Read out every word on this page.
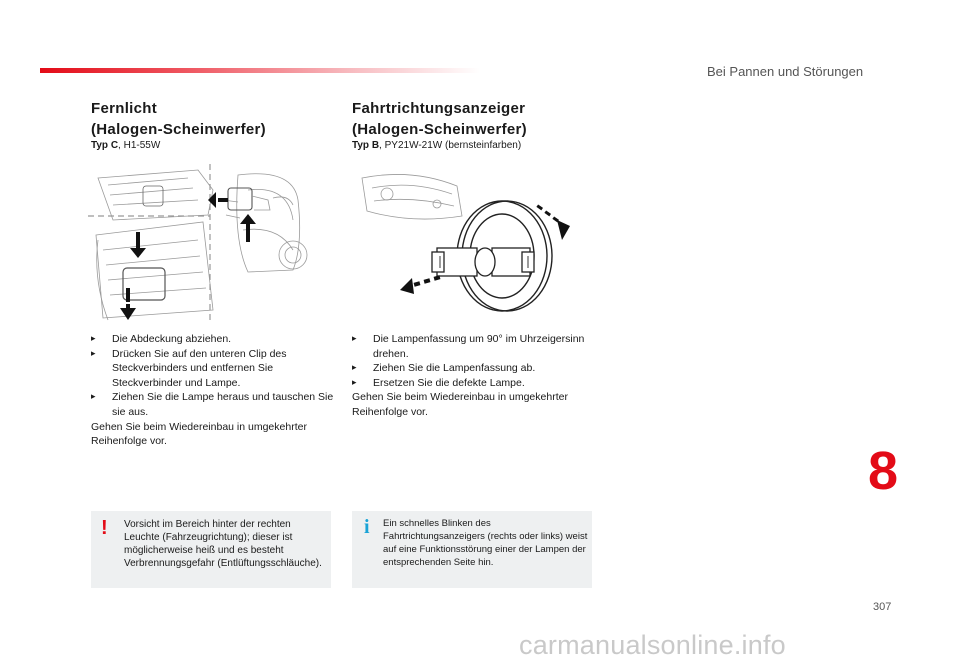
Bei Pannen und Störungen
8
307
Fernlicht
(Halogen-Scheinwerfer)
Typ C, H1-55W
▸ Die Abdeckung abziehen.
▸ Drücken Sie auf den unteren Clip des Steckverbinders und entfernen Sie Steckverbinder und Lampe.
▸ Ziehen Sie die Lampe heraus und tauschen Sie sie aus.
Gehen Sie beim Wiedereinbau in umgekehrter Reihenfolge vor.
! Vorsicht im Bereich hinter der rechten Leuchte (Fahrzeugrichtung); dieser ist möglicherweise heiß und es besteht Verbrennungsgefahr (Entlüftungsschläuche).
Fahrtrichtungsanzeiger
(Halogen-Scheinwerfer)
Typ B, PY21W-21W (bernsteinfarben)
▸ Die Lampenfassung um 90° im Uhrzeigersinn drehen.
▸ Ziehen Sie die Lampenfassung ab.
▸ Ersetzen Sie die defekte Lampe.
Gehen Sie beim Wiedereinbau in umgekehrter Reihenfolge vor.
i Ein schnelles Blinken des Fahrtrichtungsanzeigers (rechts oder links) weist auf eine Funktionsstörung einer der Lampen der entsprechenden Seite hin.
carmanualsonline.info
